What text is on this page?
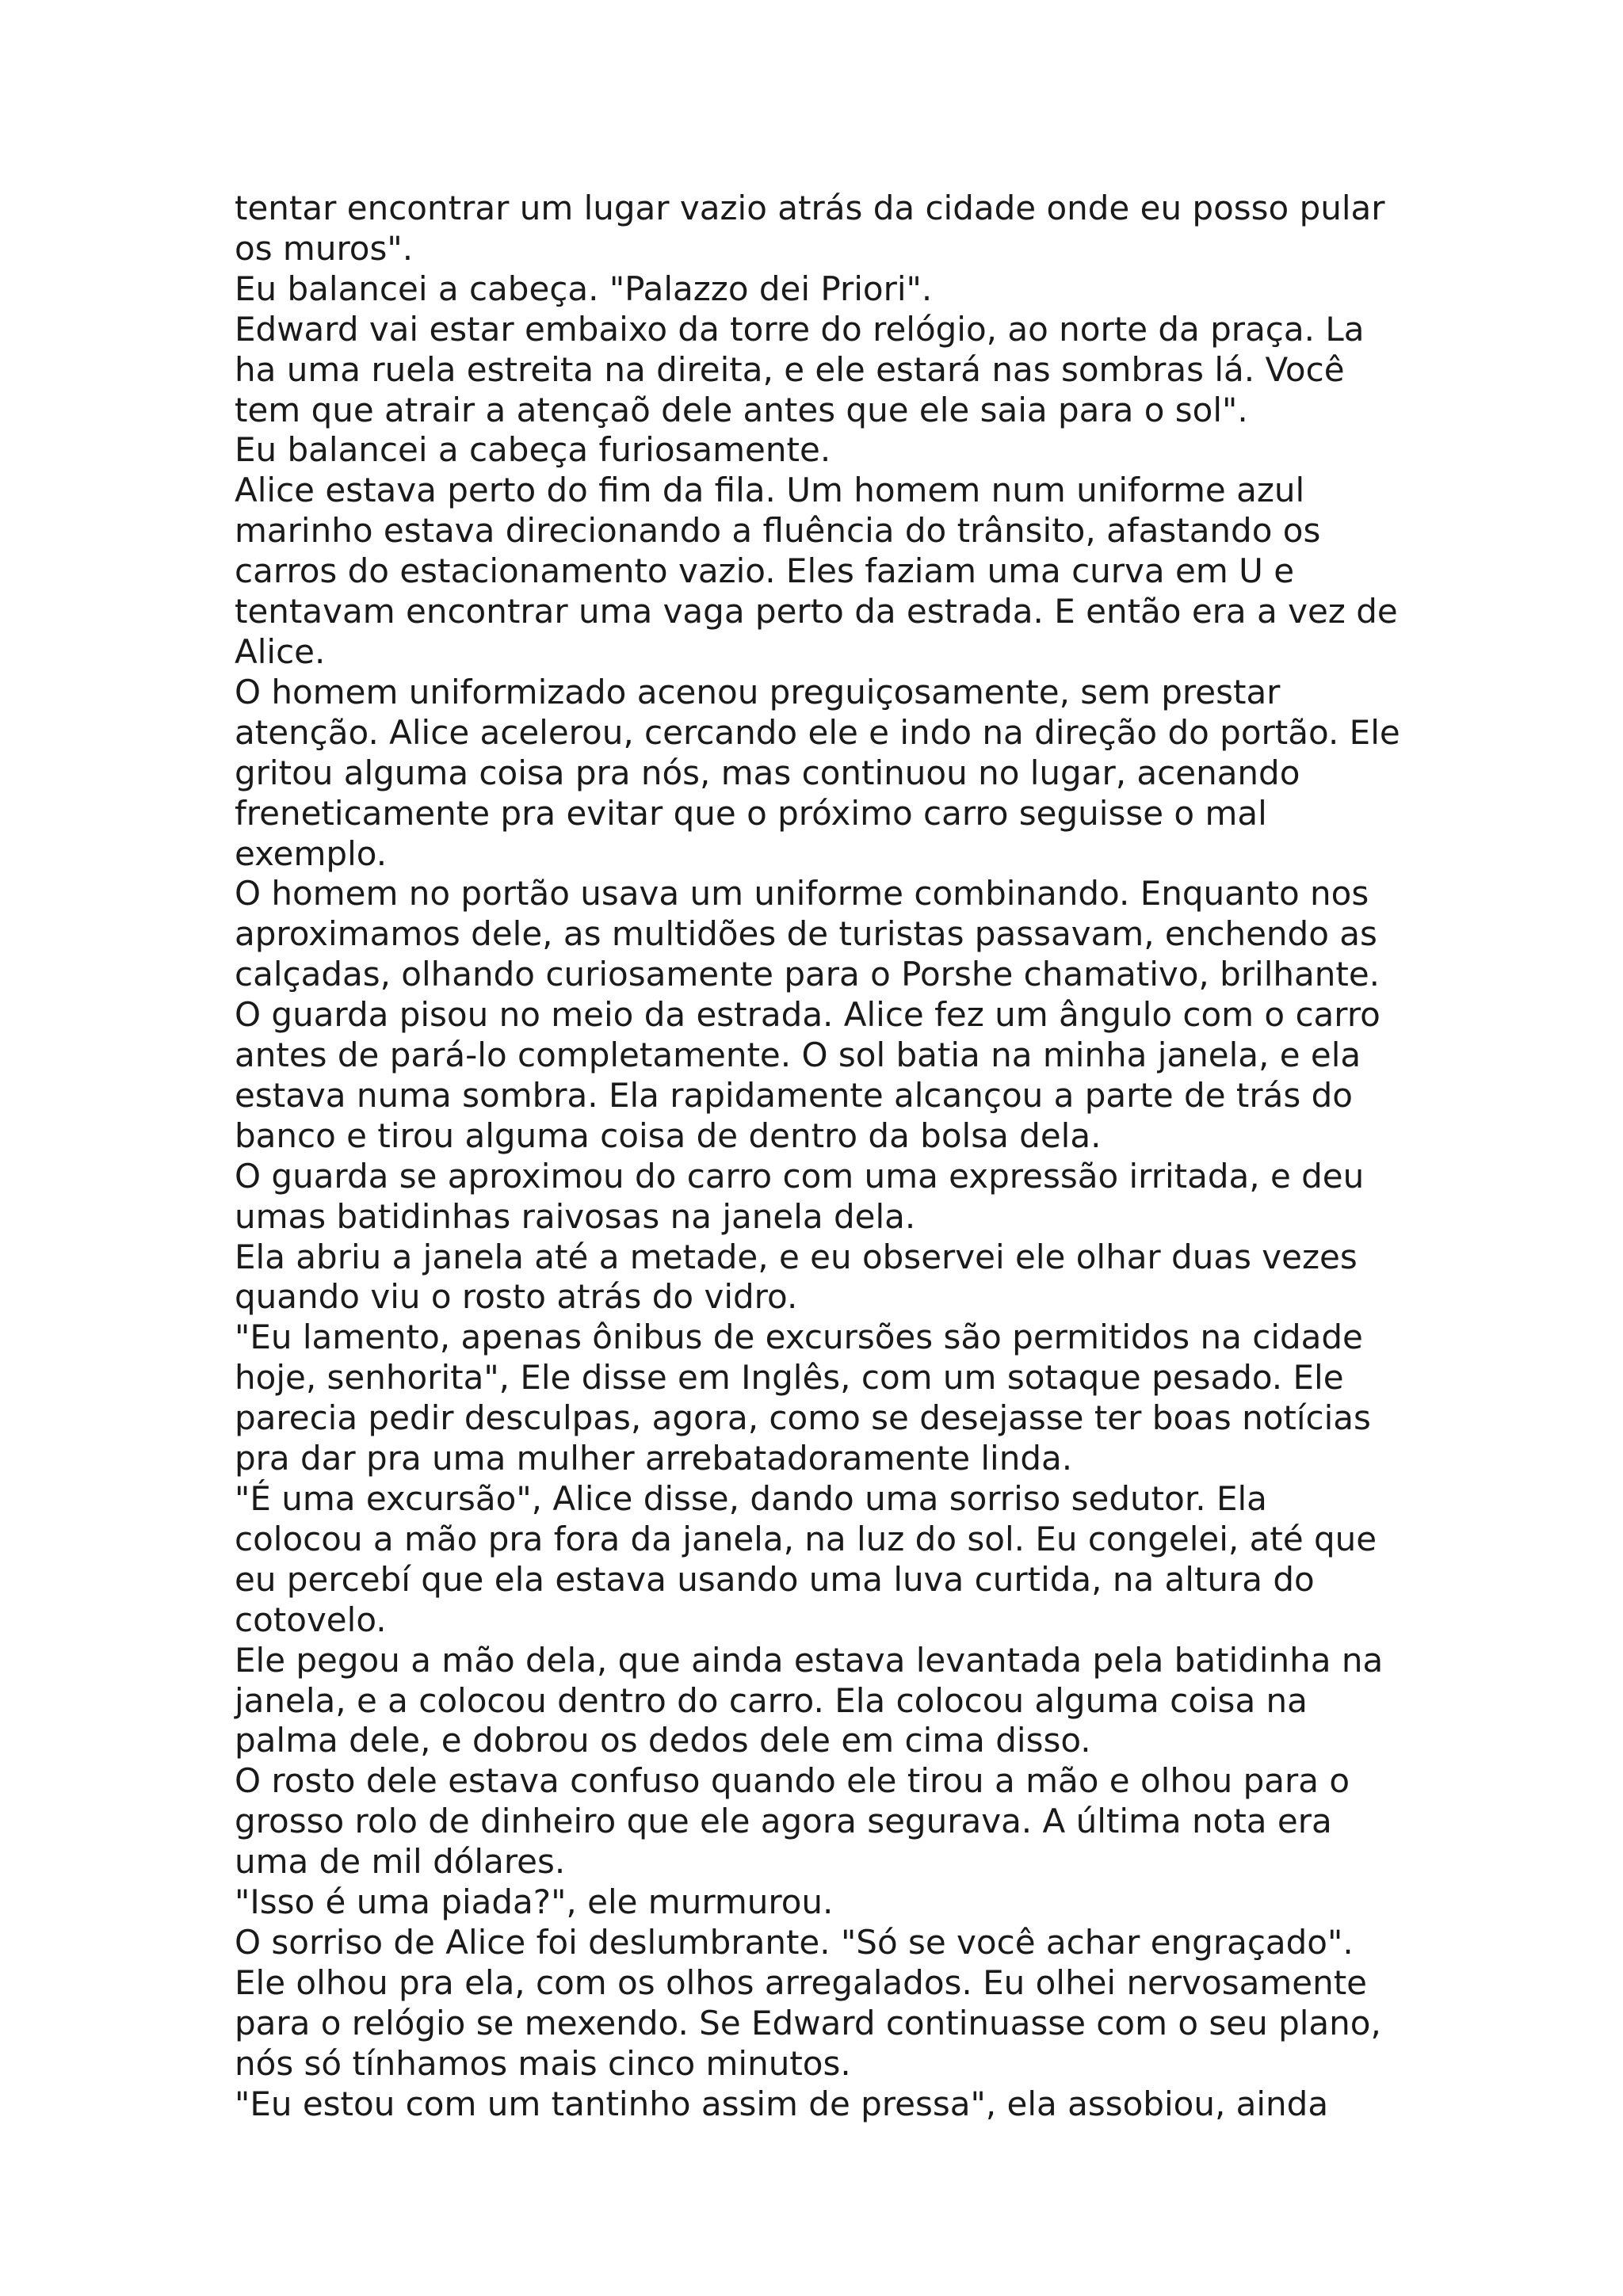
tentar encontrar um lugar vazio atrás da cidade onde eu posso pular
os muros".
Eu balancei a cabeça. "Palazzo dei Priori".
Edward vai estar embaixo da torre do relógio, ao norte da praça. La
ha uma ruela estreita na direita, e ele estará nas sombras lá. Você
tem que atrair a atençaõ dele antes que ele saia para o sol".
Eu balancei a cabeça furiosamente.
Alice estava perto do fim da fila. Um homem num uniforme azul
marinho estava direcionando a fluência do trânsito, afastando os
carros do estacionamento vazio. Eles faziam uma curva em U e
tentavam encontrar uma vaga perto da estrada. E então era a vez de
Alice.
O homem uniformizado acenou preguiçosamente, sem prestar
atenção. Alice acelerou, cercando ele e indo na direção do portão. Ele
gritou alguma coisa pra nós, mas continuou no lugar, acenando
freneticamente pra evitar que o próximo carro seguisse o mal
exemplo.
O homem no portão usava um uniforme combinando. Enquanto nos
aproximamos dele, as multidões de turistas passavam, enchendo as
calçadas, olhando curiosamente para o Porshe chamativo, brilhante.
O guarda pisou no meio da estrada. Alice fez um ângulo com o carro
antes de pará-lo completamente. O sol batia na minha janela, e ela
estava numa sombra. Ela rapidamente alcançou a parte de trás do
banco e tirou alguma coisa de dentro da bolsa dela.
O guarda se aproximou do carro com uma expressão irritada, e deu
umas batidinhas raivosas na janela dela.
Ela abriu a janela até a metade, e eu observei ele olhar duas vezes
quando viu o rosto atrás do vidro.
"Eu lamento, apenas ônibus de excursões são permitidos na cidade
hoje, senhorita", Ele disse em Inglês, com um sotaque pesado. Ele
parecia pedir desculpas, agora, como se desejasse ter boas notícias
pra dar pra uma mulher arrebatadoramente linda.
"É uma excursão", Alice disse, dando uma sorriso sedutor. Ela
colocou a mão pra fora da janela, na luz do sol. Eu congelei, até que
eu percebí que ela estava usando uma luva curtida, na altura do
cotovelo.
Ele pegou a mão dela, que ainda estava levantada pela batidinha na
janela, e a colocou dentro do carro. Ela colocou alguma coisa na
palma dele, e dobrou os dedos dele em cima disso.
O rosto dele estava confuso quando ele tirou a mão e olhou para o
grosso rolo de dinheiro que ele agora segurava. A última nota era
uma de mil dólares.
"Isso é uma piada?", ele murmurou.
O sorriso de Alice foi deslumbrante. "Só se você achar engraçado".
Ele olhou pra ela, com os olhos arregalados. Eu olhei nervosamente
para o relógio se mexendo. Se Edward continuasse com o seu plano,
nós só tínhamos mais cinco minutos.
"Eu estou com um tantinho assim de pressa", ela assobiou, ainda
